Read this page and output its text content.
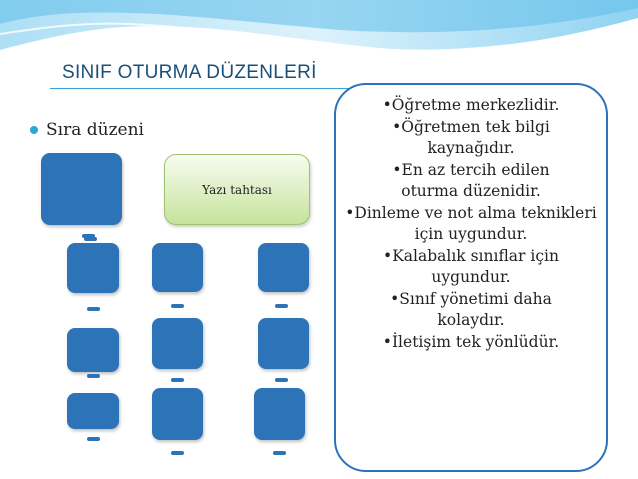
SINIF OTURMA DÜZENLERİ
Sıra düzeni
Yazı tahtası
•Öğretme merkezlidir.
•Öğretmen tek bilgi kaynağıdır.
•En az tercih edilen oturma düzenidir.
•Dinleme ve not alma teknikleri için uygundur.
•Kalabalık sınıflar için uygundur.
•Sınıf yönetimi daha kolaydır.
•İletişim tek yönlüdür.
